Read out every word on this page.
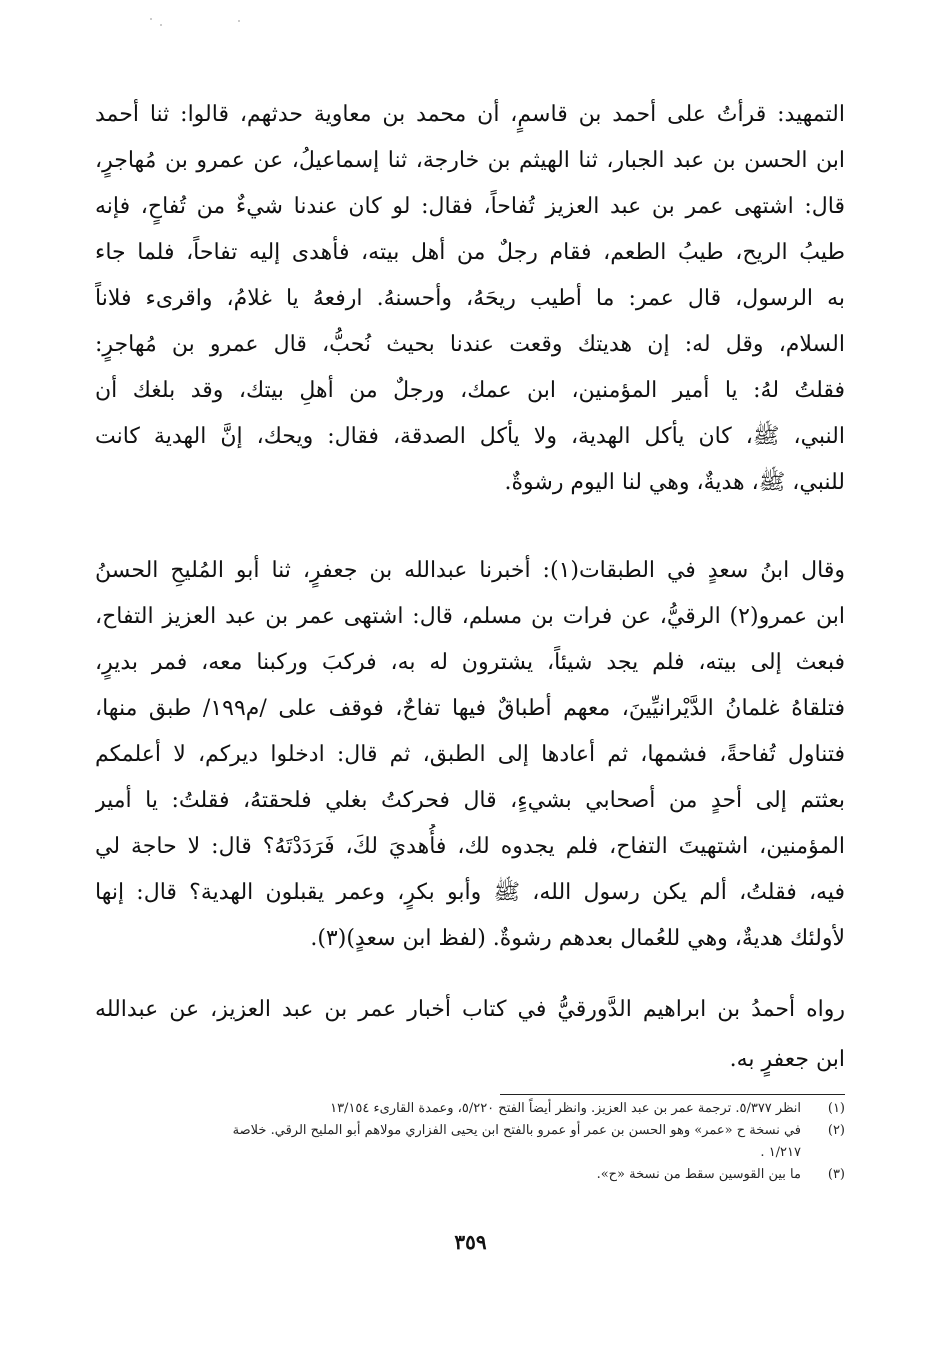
التمهيد: قرأتُ على أحمد بن قاسمٍ، أن محمد بن معاوية حدثهم، قالوا: ثنا أحمد
ابن الحسن بن عبد الجبار، ثنا الهيثم بن خارجة، ثنا إسماعيلُ، عن عمرو بن مُهاجرٍ،
قال: اشتهى عمر بن عبد العزيز تُفاحاً، فقال: لو كان عندنا شيءٌ من تُفاحٍ، فإنه
طيبُ الريح، طيبُ الطعم، فقام رجلٌ من أهل بيته، فأهدى إليه تفاحاً، فلما جاء
به الرسول، قال عمر: ما أطيب ريحَهُ، وأحسنهُ. ارفعهُ يا غلامُ، واقرىء فلاناً
السلام، وقل له: إن هديتك وقعت عندنا بحيث نُحبُّ، قال عمرو بن مُهاجرٍ:
فقلتُ لهُ: يا أمير المؤمنين، ابن عمك، ورجلٌ من أهلِ بيتك، وقد بلغك أن
النبي، ﷺ، كان يأكل الهدية، ولا يأكل الصدقة، فقال: ويحك، إنَّ الهدية كانت
للنبي، ﷺ، هديةٌ، وهي لنا اليوم رشوةٌ.
وقال ابنُ سعدٍ في الطبقات(١): أخبرنا عبدالله بن جعفرٍ، ثنا أبو المُليحِ الحسنُ
ابن عمرو(٢) الرقيُّ، عن فرات بن مسلم، قال: اشتهى عمر بن عبد العزيز التفاح،
فبعث إلى بيته، فلم يجد شيئاً، يشترون له به، فركبَ وركبنا معه، فمر بديرٍ،
فتلقاهُ غلمانُ الدَّيْرانيِّينَ، معهم أطباقٌ فيها تفاحٌ، فوقف على /م١٩٩/ طبق منها،
فتناول تُفاحةً، فشمها، ثم أعادها إلى الطبق، ثم قال: ادخلوا ديركم، لا أعلمكم
بعثتم إلى أحدٍ من أصحابي بشيءٍ، قال فحركتُ بغلي فلحقتهُ، فقلتُ: يا أمير
المؤمنين، اشتهيتَ التفاح، فلم يجدوه لك، فأُهديَ لكَ، فَرَدَدْتَهُ؟ قال: لا حاجة لي
فيه، فقلتُ، ألم يكن رسول الله، ﷺ وأبو بكرٍ، وعمر يقبلون الهدية؟ قال: إنها
لأولئك هديةٌ، وهي للعُمال بعدهم رشوةٌ. (لفظ ابن سعدٍ)(٣).
رواه أحمدُ بن ابراهيم الدَّورقيُّ في كتاب أخبار عمر بن عبد العزيز، عن عبدالله
ابن جعفرٍ به.
(١)
انظر ٥/٣٧٧. ترجمة عمر بن عبد العزيز. وانظر أيضاً الفتح ٥/٢٢٠، وعمدة القارىء ١٣/١٥٤
(٢)
في نسخة ح «عمر» وهو الحسن بن عمر أو عمرو بالفتح ابن يحيى الفزاري مولاهم أبو المليح الرقي. خلاصة
١/٢١٧ .
(٣)
ما بين القوسين سقط من نسخة «ح».
٣٥٩
